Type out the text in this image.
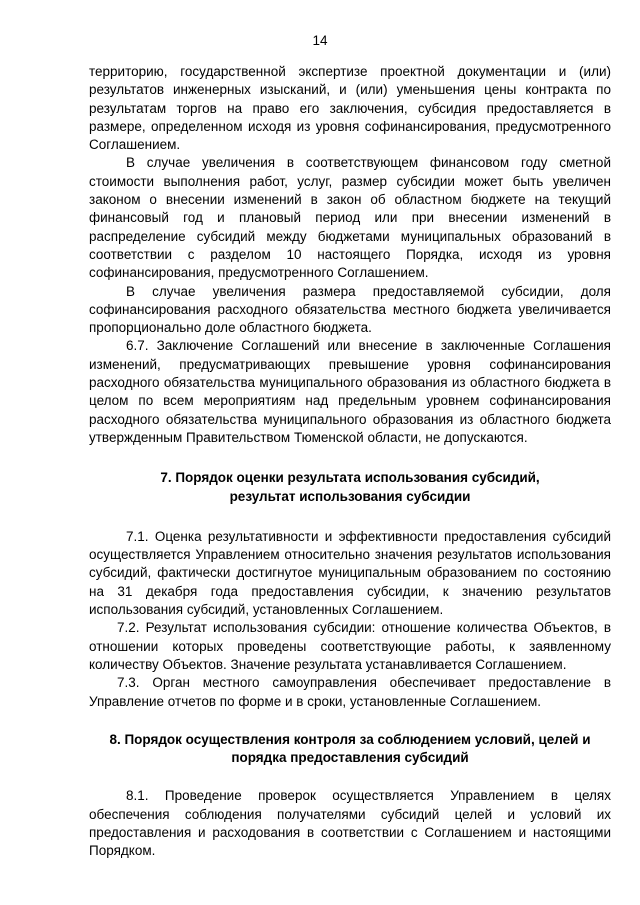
14

территорию, государственной экспертизе проектной документации и (или) результатов инженерных изысканий, и (или) уменьшения цены контракта по результатам торгов на право его заключения, субсидия предоставляется в размере, определенном исходя из уровня софинансирования, предусмотренного Соглашением.

В случае увеличения в соответствующем финансовом году сметной стоимости выполнения работ, услуг, размер субсидии может быть увеличен законом о внесении изменений в закон об областном бюджете на текущий финансовый год и плановый период или при внесении изменений в распределение субсидий между бюджетами муниципальных образований в соответствии с разделом 10 настоящего Порядка, исходя из уровня софинансирования, предусмотренного Соглашением.

В случае увеличения размера предоставляемой субсидии, доля софинансирования расходного обязательства местного бюджета увеличивается пропорционально доле областного бюджета.

6.7. Заключение Соглашений или внесение в заключенные Соглашения изменений, предусматривающих превышение уровня софинансирования расходного обязательства муниципального образования из областного бюджета в целом по всем мероприятиям над предельным уровнем софинансирования расходного обязательства муниципального образования из областного бюджета утвержденным Правительством Тюменской области, не допускаются.

7. Порядок оценки результата использования субсидий,
результат использования субсидии

7.1. Оценка результативности и эффективности предоставления субсидий осуществляется Управлением относительно значения результатов использования субсидий, фактически достигнутое муниципальным образованием по состоянию на 31 декабря года предоставления субсидии, к значению результатов использования субсидий, установленных Соглашением.

7.2. Результат использования субсидии: отношение количества Объектов, в отношении которых проведены соответствующие работы, к заявленному количеству Объектов. Значение результата устанавливается Соглашением.

7.3. Орган местного самоуправления обеспечивает предоставление в Управление отчетов по форме и в сроки, установленные Соглашением.

8. Порядок осуществления контроля за соблюдением условий, целей и
порядка предоставления субсидий

8.1. Проведение проверок осуществляется Управлением в целях обеспечения соблюдения получателями субсидий целей и условий их предоставления и расходования в соответствии с Соглашением и настоящими Порядком.
